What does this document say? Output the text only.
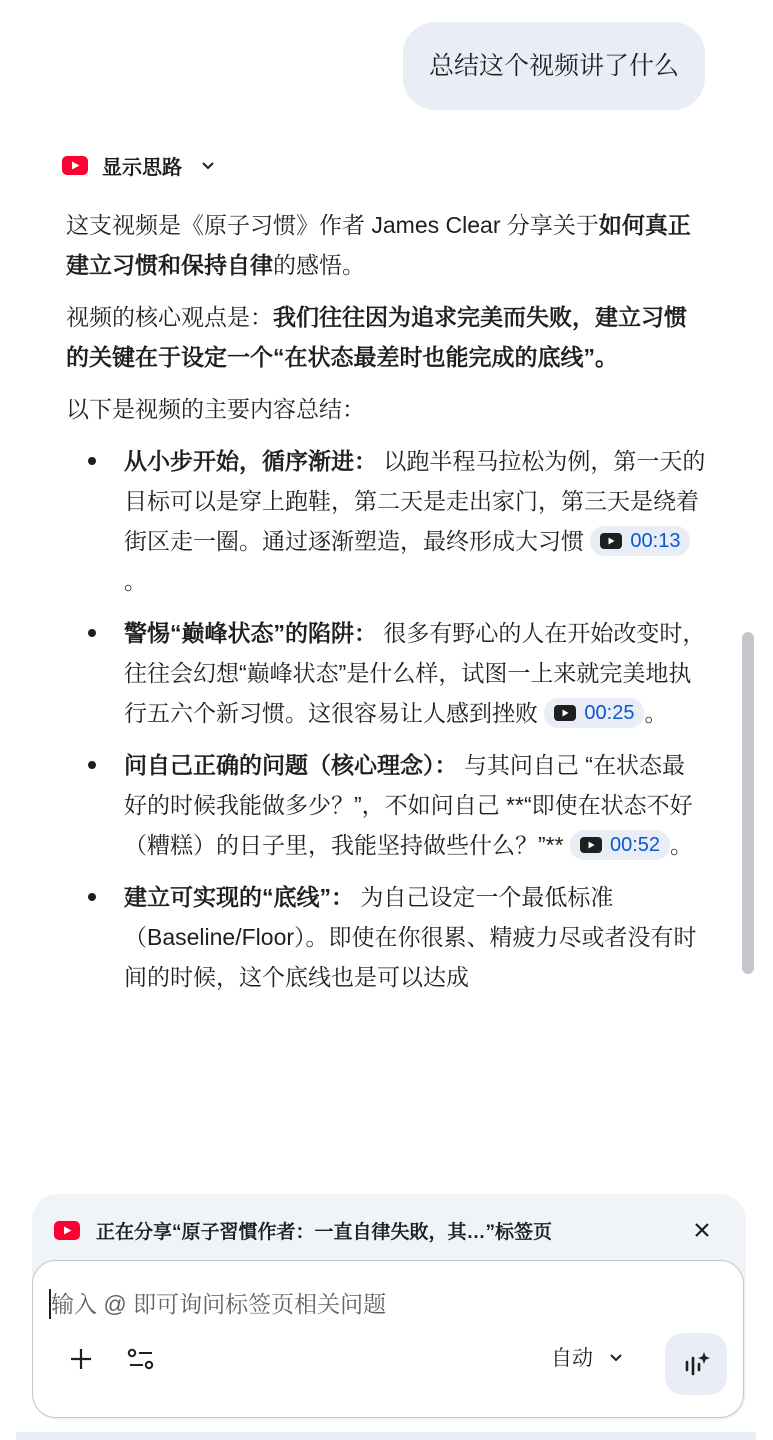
总结这个视频讲了什么
显示思路

这支视频是《原子习惯》作者 James Clear 分享关于如何真正建立习惯和保持自律的感悟。

视频的核心观点是：我们往往因为追求完美而失败，建立习惯的关键在于设定一个“在状态最差时也能完成的底线”。

以下是视频的主要内容总结：

从小步开始，循序渐进： 以跑半程马拉松为例，第一天的目标可以是穿上跑鞋，第二天是走出家门，第三天是绕着街区走一圈。通过逐渐塑造，最终形成大习惯 00:13
。
警惕“巅峰状态”的陷阱： 很多有野心的人在开始改变时，往往会幻想“巅峰状态”是什么样，试图一上来就完美地执行五六个新习惯。这很容易让人感到挫败 00:25 。
问自己正确的问题（核心理念）： 与其问自己 “在状态最好的时候我能做多少？”，不如问自己 **“即使在状态不好（糟糕）的日子里，我能坚持做些什么？”** 00:52 。
建立可实现的“底线”： 为自己设定一个最低标准（Baseline/Floor）。即使在你很累、精疲力尽或者没有时间的时候，这个底线也是可以达成
正在分享“原子習慣作者：一直自律失敗，其…”标签页
输入 @ 即可询问标签页相关问题
自动
